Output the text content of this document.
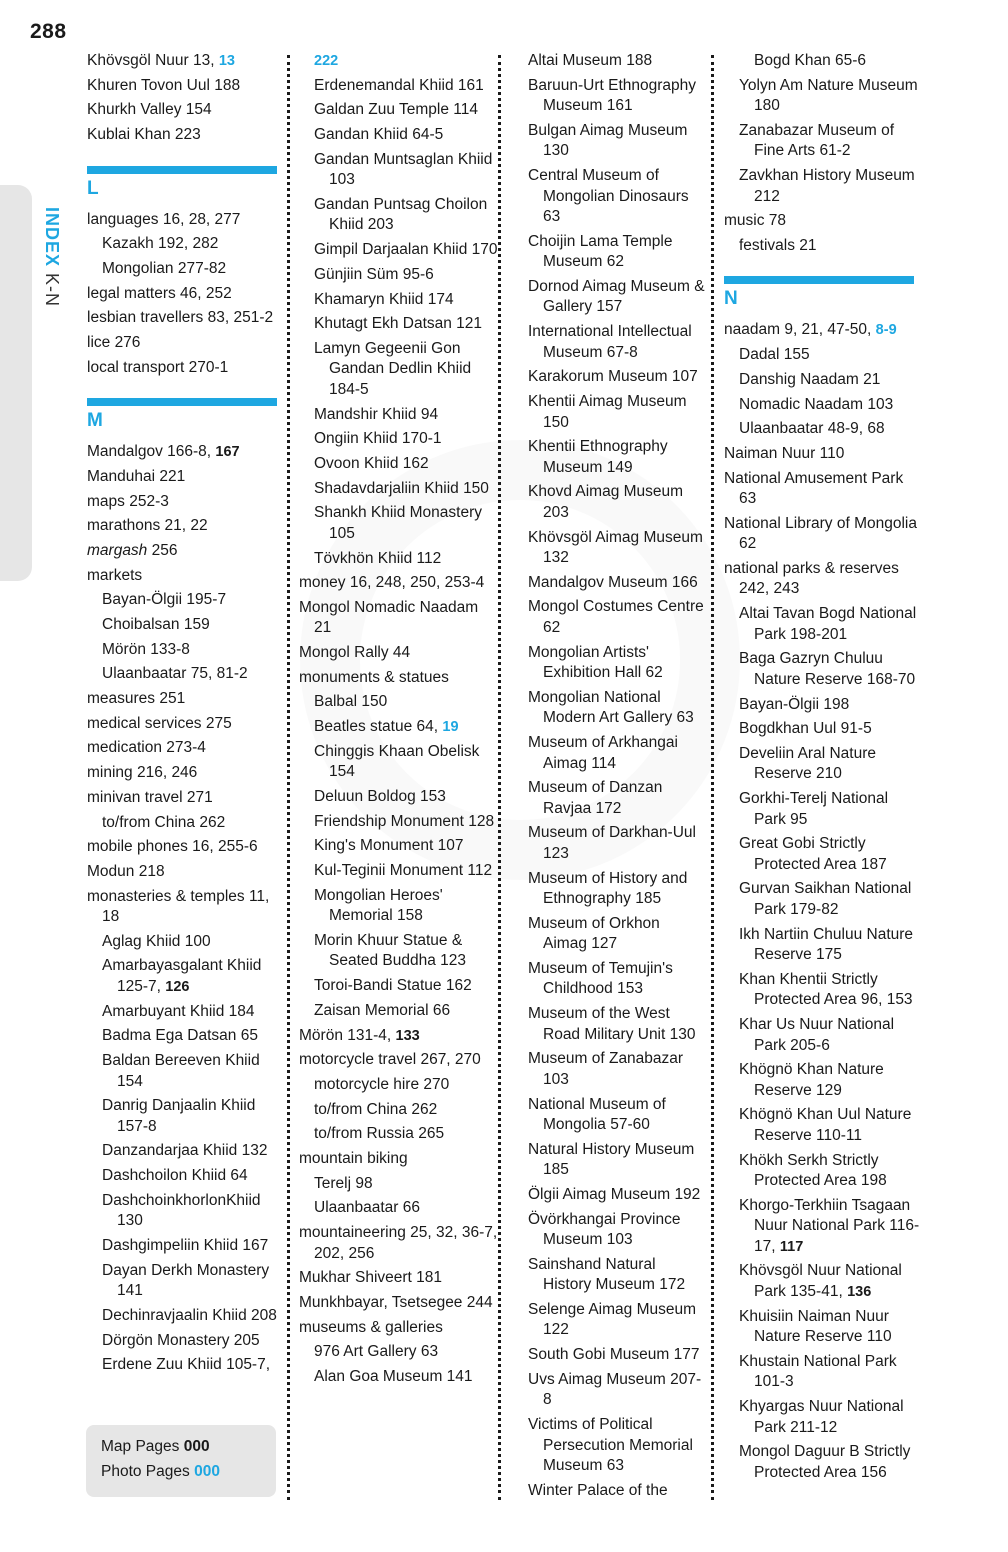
288
INDEX K-N
Khövsgöl Nuur 13, 13
Khuren Tovon Uul 188
Khurkh Valley 154
Kublai Khan 223
L
languages 16, 28, 277
Kazakh 192, 282
Mongolian 277-82
legal matters 46, 252
lesbian travellers 83, 251-2
lice 276
local transport 270-1
M
Mandalgov 166-8, 167
Manduhai 221
maps 252-3
marathons 21, 22
margash 256
markets
Bayan-Ölgii 195-7
Choibalsan 159
Mörön 133-8
Ulaanbaatar 75, 81-2
measures 251
medical services 275
medication 273-4
mining 216, 246
minivan travel 271
to/from China 262
mobile phones 16, 255-6
Modun 218
monasteries & temples 11, 18
Aglag Khiid 100
Amarbayasgalant Khiid 125-7, 126
Amarbuyant Khiid 184
Badma Ega Datsan 65
Baldan Bereeven Khiid 154
Danrig Danjaalin Khiid 157-8
Danzandarjaa Khiid 132
Dashchoilon Khiid 64
DashchoinkhorlonKhiid 130
Dashgimpeliin Khiid 167
Dayan Derkh Monastery 141
Dechinravjaalin Khiid 208
Dörgön Monastery 205
Erdene Zuu Khiid 105-7,
222
Erdenemandal Khiid 161
Galdan Zuu Temple 114
Gandan Khiid 64-5
Gandan Muntsaglan Khiid 103
Gandan Puntsag Choilon Khiid 203
Gimpil Darjaalan Khiid 170
Günjiin Süm 95-6
Khamaryn Khiid 174
Khutagt Ekh Datsan 121
Lamyn Gegeenii Gon Gandan Dedlin Khiid 184-5
Mandshir Khiid 94
Ongiin Khiid 170-1
Ovoon Khiid 162
Shadavdarjaliin Khiid 150
Shankh Khiid Monastery 105
Tövkhön Khiid 112
money 16, 248, 250, 253-4
Mongol Nomadic Naadam 21
Mongol Rally 44
monuments & statues
Balbal 150
Beatles statue 64, 19
Chinggis Khaan Obelisk 154
Deluun Boldog 153
Friendship Monument 128
King's Monument 107
Kul-Teginii Monument 112
Mongolian Heroes' Memorial 158
Morin Khuur Statue & Seated Buddha 123
Toroi-Bandi Statue 162
Zaisan Memorial 66
Mörön 131-4, 133
motorcycle travel 267, 270
motorcycle hire 270
to/from China 262
to/from Russia 265
mountain biking
Terelj 98
Ulaanbaatar 66
mountaineering 25, 32, 36-7, 202, 256
Mukhar Shiveert 181
Munkhbayar, Tsetsegee 244
museums & galleries
976 Art Gallery 63
Alan Goa Museum 141
Altai Museum 188
Baruun-Urt Ethnography Museum 161
Bulgan Aimag Museum 130
Central Museum of Mongolian Dinosaurs 63
Choijin Lama Temple Museum 62
Dornod Aimag Museum & Gallery 157
International Intellectual Museum 67-8
Karakorum Museum 107
Khentii Aimag Museum 150
Khentii Ethnography Museum 149
Khovd Aimag Museum 203
Khövsgöl Aimag Museum 132
Mandalgov Museum 166
Mongol Costumes Centre 62
Mongolian Artists' Exhibition Hall 62
Mongolian National Modern Art Gallery 63
Museum of Arkhangai Aimag 114
Museum of Danzan Ravjaa 172
Museum of Darkhan-Uul 123
Museum of History and Ethnography 185
Museum of Orkhon Aimag 127
Museum of Temujin's Childhood 153
Museum of the West Road Military Unit 130
Museum of Zanabazar 103
National Museum of Mongolia 57-60
Natural History Museum 185
Ölgii Aimag Museum 192
Övörkhangai Province Museum 103
Sainshand Natural History Museum 172
Selenge Aimag Museum 122
South Gobi Museum 177
Uvs Aimag Museum 207-8
Victims of Political Persecution Memorial Museum 63
Winter Palace of the
Bogd Khan 65-6
Yolyn Am Nature Museum 180
Zanabazar Museum of Fine Arts 61-2
Zavkhan History Museum 212
music 78
festivals 21
N
naadam 9, 21, 47-50, 8-9
Dadal 155
Danshig Naadam 21
Nomadic Naadam 103
Ulaanbaatar 48-9, 68
Naiman Nuur 110
National Amusement Park 63
National Library of Mongolia 62
national parks & reserves 242, 243
Altai Tavan Bogd National Park 198-201
Baga Gazryn Chuluu Nature Reserve 168-70
Bayan-Ölgii 198
Bogdkhan Uul 91-5
Develiin Aral Nature Reserve 210
Gorkhi-Terelj National Park 95
Great Gobi Strictly Protected Area 187
Gurvan Saikhan National Park 179-82
Ikh Nartiin Chuluu Nature Reserve 175
Khan Khentii Strictly Protected Area 96, 153
Khar Us Nuur National Park 205-6
Khögnö Khan Nature Reserve 129
Khögnö Khan Uul Nature Reserve 110-11
Khökh Serkh Strictly Protected Area 198
Khorgo-Terkhiin Tsagaan Nuur National Park 116-17, 117
Khövsgöl Nuur National Park 135-41, 136
Khuisiin Naiman Nuur Nature Reserve 110
Khustain National Park 101-3
Khyargas Nuur National Park 211-12
Mongol Daguur B Strictly Protected Area 156
Map Pages 000
Photo Pages 000
